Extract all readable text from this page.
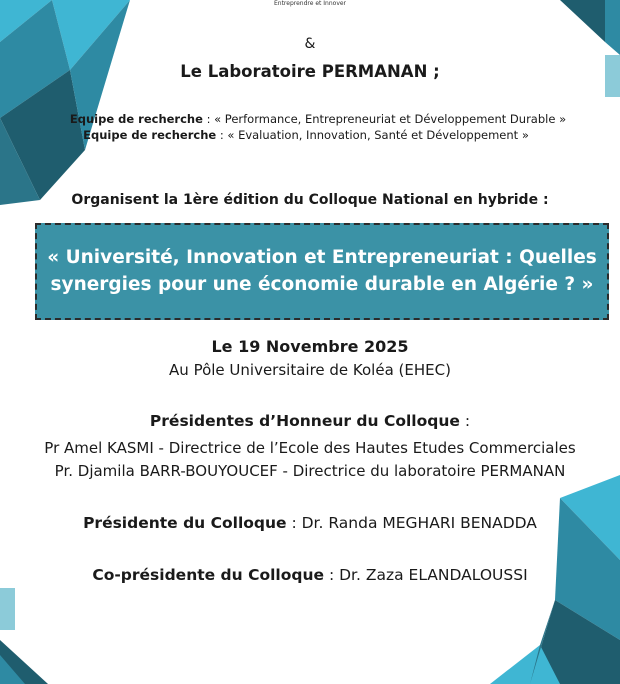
Entreprendre et Innover
&
Le Laboratoire PERMANAN ;
Equipe de recherche : « Performance, Entrepreneuriat et Développement Durable »
Equipe de recherche : « Evaluation, Innovation, Santé et Développement »
Organisent la 1ère édition du Colloque National en hybride :
« Université, Innovation et Entrepreneuriat : Quelles
synergies pour une économie durable en Algérie ? »
Le 19 Novembre 2025
Au Pôle Universitaire de Koléa (EHEC)
Présidentes d’Honneur du Colloque :
Pr Amel KASMI - Directrice de l’Ecole des Hautes Etudes Commerciales
Pr. Djamila BARR-BOUYOUCEF - Directrice du laboratoire PERMANAN
Présidente du Colloque : Dr. Randa MEGHARI BENADDA
Co-présidente du Colloque : Dr. Zaza ELANDALOUSSI
